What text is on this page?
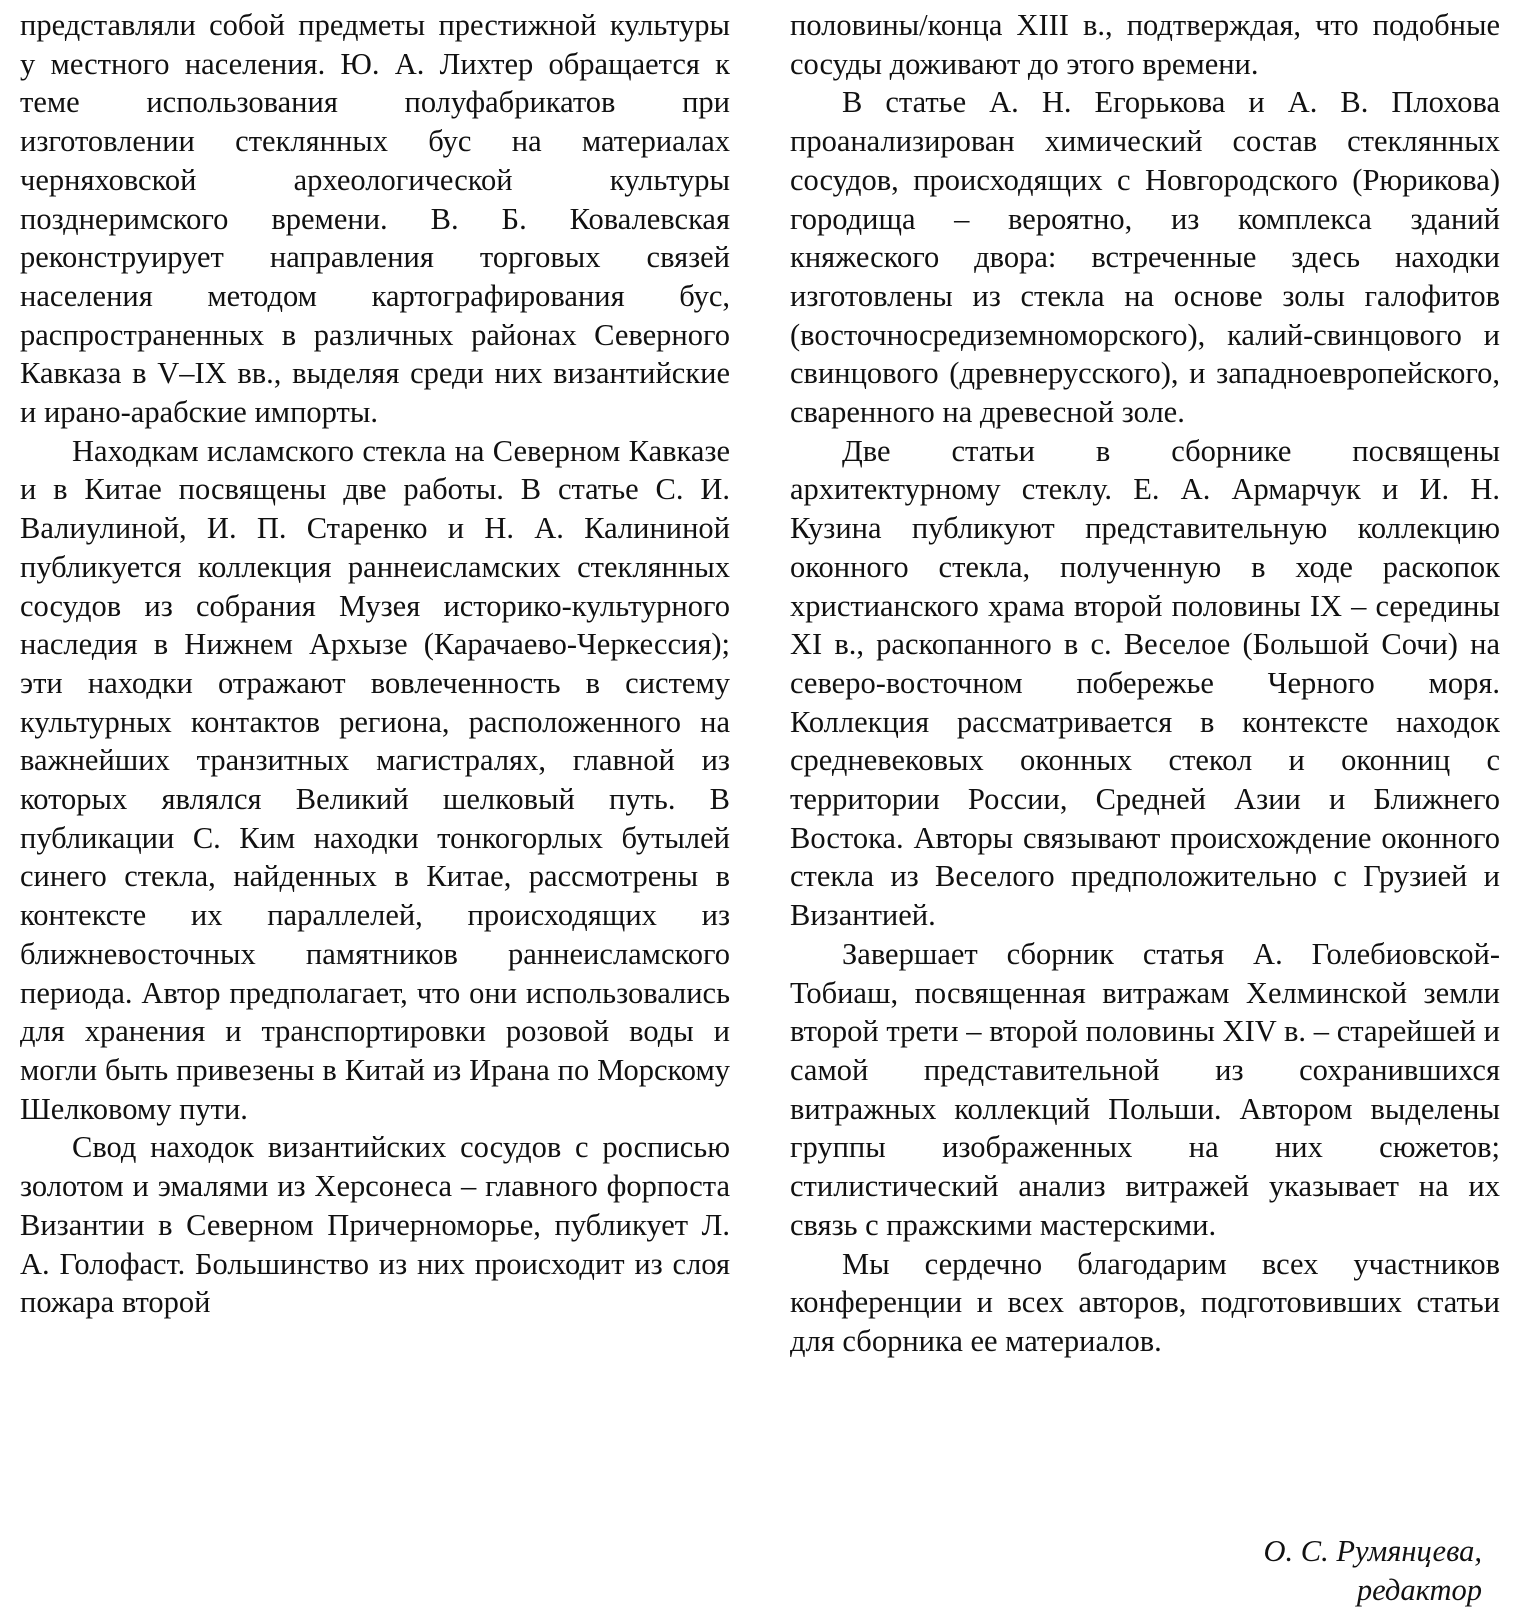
представляли собой предметы престижной культуры у местного населения. Ю. А. Лихтер обращается к теме использования полуфабрикатов при изготовлении стеклянных бус на материалах черняховской археологической культуры позднеримского времени. В. Б. Ковалевская реконструирует направления торговых связей населения методом картографирования бус, распространенных в различных районах Северного Кавказа в V–IX вв., выделяя среди них византийские и ирано-арабские импорты.

Находкам исламского стекла на Северном Кавказе и в Китае посвящены две работы. В статье С. И. Валиулиной, И. П. Старенко и Н. А. Калининой публикуется коллекция раннеисламских стеклянных сосудов из собрания Музея историко-культурного наследия в Нижнем Архызе (Карачаево-Черкессия); эти находки отражают вовлеченность в систему культурных контактов региона, расположенного на важнейших транзитных магистралях, главной из которых являлся Великий шелковый путь. В публикации С. Ким находки тонкогорлых бутылей синего стекла, найденных в Китае, рассмотрены в контексте их параллелей, происходящих из ближневосточных памятников раннеисламского периода. Автор предполагает, что они использовались для хранения и транспортировки розовой воды и могли быть привезены в Китай из Ирана по Морскому Шелковому пути.

Свод находок византийских сосудов с росписью золотом и эмалями из Херсонеса – главного форпоста Византии в Северном Причерноморье, публикует Л. А. Голофаст. Большинство из них происходит из слоя пожара второй

половины/конца XIII в., подтверждая, что подобные сосуды доживают до этого времени.

В статье А. Н. Егорькова и А. В. Плохова проанализирован химический состав стеклянных сосудов, происходящих с Новгородского (Рюрикова) городища – вероятно, из комплекса зданий княжеского двора: встреченные здесь находки изготовлены из стекла на основе золы галофитов (восточносредиземноморского), калий-свинцового и свинцового (древнерусского), и западноевропейского, сваренного на древесной золе.

Две статьи в сборнике посвящены архитектурному стеклу. Е. А. Армарчук и И. Н. Кузина публикуют представительную коллекцию оконного стекла, полученную в ходе раскопок христианского храма второй половины IX – середины XI в., раскопанного в с. Веселое (Большой Сочи) на северо-восточном побережье Черного моря. Коллекция рассматривается в контексте находок средневековых оконных стекол и оконниц с территории России, Средней Азии и Ближнего Востока. Авторы связывают происхождение оконного стекла из Веселого предположительно с Грузией и Византией.

Завершает сборник статья А. Голебиовской-Тобиаш, посвященная витражам Хелминской земли второй трети – второй половины XIV в. – старейшей и самой представительной из сохранившихся витражных коллекций Польши. Автором выделены группы изображенных на них сюжетов; стилистический анализ витражей указывает на их связь с пражскими мастерскими.

Мы сердечно благодарим всех участников конференции и всех авторов, подготовивших статьи для сборника ее материалов.

О. С. Румянцева,
редактор
